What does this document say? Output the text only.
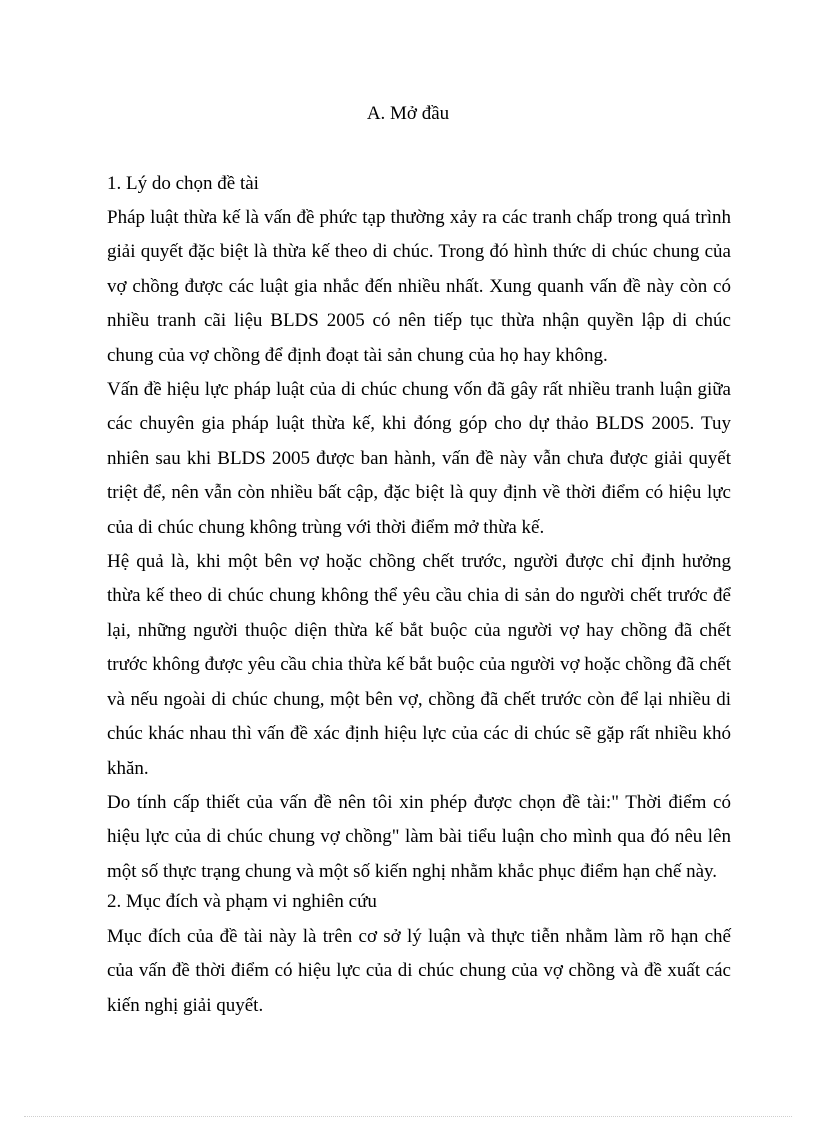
A. Mở đầu
1. Lý do chọn đề tài

Pháp luật thừa kế là vấn đề phức tạp thường xảy ra các tranh chấp trong quá trình giải quyết đặc biệt là thừa kế theo di chúc. Trong đó hình thức di chúc chung của vợ chồng được các luật gia nhắc đến nhiều nhất. Xung quanh vấn đề này còn có nhiều tranh cãi liệu BLDS 2005 có nên tiếp tục thừa nhận quyền lập di chúc chung của vợ chồng để định đoạt tài sản chung của họ hay không.

Vấn đề hiệu lực pháp luật của di chúc chung vốn đã gây rất nhiều tranh luận giữa các chuyên gia pháp luật thừa kế, khi đóng góp cho dự thảo BLDS 2005. Tuy nhiên sau khi BLDS 2005 được ban hành, vấn đề này vẫn chưa được giải quyết triệt để, nên vẫn còn nhiều bất cập, đặc biệt là quy định về thời điểm có hiệu lực của di chúc chung không trùng với thời điểm mở thừa kế.

Hệ quả là, khi một bên vợ hoặc chồng chết trước, người được chỉ định hưởng thừa kế theo di chúc chung không thể yêu cầu chia di sản do người chết trước để lại, những người thuộc diện thừa kế bắt buộc của người vợ hay chồng đã chết trước không được yêu cầu chia thừa kế bắt buộc của người vợ hoặc chồng đã chết và nếu ngoài di chúc chung, một bên vợ, chồng đã chết trước còn để lại nhiều di chúc khác nhau thì vấn đề xác định hiệu lực của các di chúc sẽ gặp rất nhiều khó khăn.

Do tính cấp thiết của vấn đề nên tôi xin phép được chọn đề tài:" Thời điểm có hiệu lực của di chúc chung vợ chồng" làm bài tiểu luận cho mình qua đó nêu lên một số thực trạng chung và một số kiến nghị nhằm khắc phục điểm hạn chế này.

2. Mục đích và phạm vi nghiên cứu

Mục đích của đề tài này là trên cơ sở lý luận và thực tiễn nhằm làm rõ hạn chế của vấn đề thời điểm có hiệu lực của di chúc chung của vợ chồng và đề xuất các kiến nghị giải quyết.
